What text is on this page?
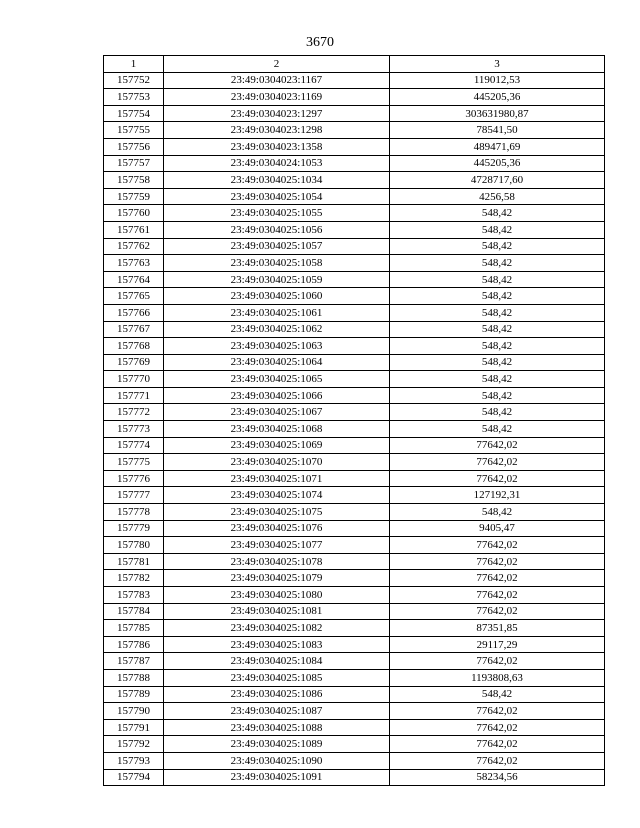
3670
1	2	3
157752	23:49:0304023:1167	119012,53
157753	23:49:0304023:1169	445205,36
157754	23:49:0304023:1297	303631980,87
157755	23:49:0304023:1298	78541,50
157756	23:49:0304023:1358	489471,69
157757	23:49:0304024:1053	445205,36
157758	23:49:0304025:1034	4728717,60
157759	23:49:0304025:1054	4256,58
157760	23:49:0304025:1055	548,42
157761	23:49:0304025:1056	548,42
157762	23:49:0304025:1057	548,42
157763	23:49:0304025:1058	548,42
157764	23:49:0304025:1059	548,42
157765	23:49:0304025:1060	548,42
157766	23:49:0304025:1061	548,42
157767	23:49:0304025:1062	548,42
157768	23:49:0304025:1063	548,42
157769	23:49:0304025:1064	548,42
157770	23:49:0304025:1065	548,42
157771	23:49:0304025:1066	548,42
157772	23:49:0304025:1067	548,42
157773	23:49:0304025:1068	548,42
157774	23:49:0304025:1069	77642,02
157775	23:49:0304025:1070	77642,02
157776	23:49:0304025:1071	77642,02
157777	23:49:0304025:1074	127192,31
157778	23:49:0304025:1075	548,42
157779	23:49:0304025:1076	9405,47
157780	23:49:0304025:1077	77642,02
157781	23:49:0304025:1078	77642,02
157782	23:49:0304025:1079	77642,02
157783	23:49:0304025:1080	77642,02
157784	23:49:0304025:1081	77642,02
157785	23:49:0304025:1082	87351,85
157786	23:49:0304025:1083	29117,29
157787	23:49:0304025:1084	77642,02
157788	23:49:0304025:1085	1193808,63
157789	23:49:0304025:1086	548,42
157790	23:49:0304025:1087	77642,02
157791	23:49:0304025:1088	77642,02
157792	23:49:0304025:1089	77642,02
157793	23:49:0304025:1090	77642,02
157794	23:49:0304025:1091	58234,56
